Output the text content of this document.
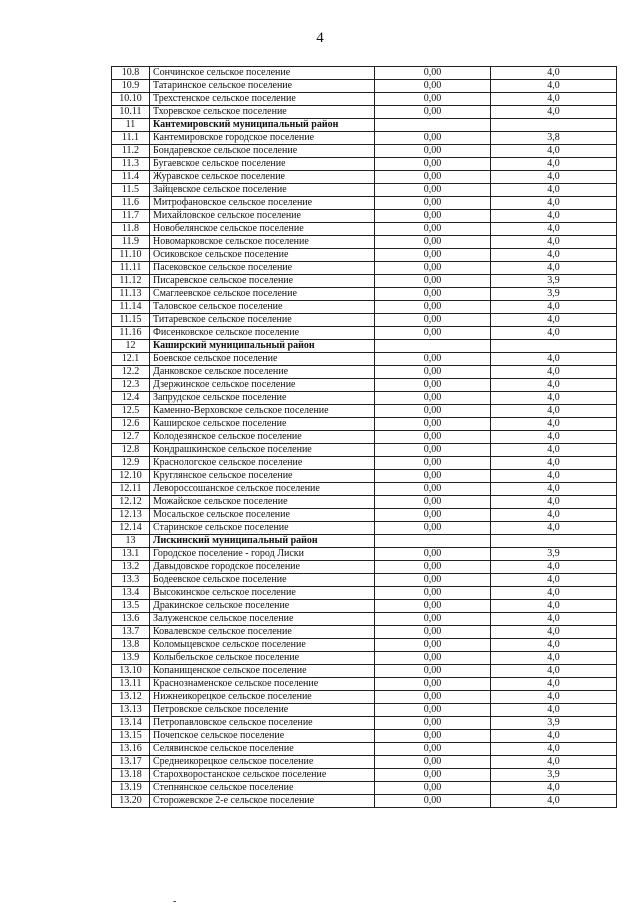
4
10.8	Сончинское сельское поселение	0,00	4,0
10.9	Татаринское сельское поселение	0,00	4,0
10.10	Трехстенское сельское поселение	0,00	4,0
10.11	Тхоревское сельское поселение	0,00	4,0
11	Кантемировский муниципальный район		
11.1	Кантемировское городское поселение	0,00	3,8
11.2	Бондаревское сельское поселение	0,00	4,0
11.3	Бугаевское сельское поселение	0,00	4,0
11.4	Журавское сельское поселение	0,00	4,0
11.5	Зайцевское сельское поселение	0,00	4,0
11.6	Митрофановское сельское поселение	0,00	4,0
11.7	Михайловское сельское поселение	0,00	4,0
11.8	Новобелянское сельское поселение	0,00	4,0
11.9	Новомарковское сельское поселение	0,00	4,0
11.10	Осиковское сельское поселение	0,00	4,0
11.11	Пасековское сельское поселение	0,00	4,0
11.12	Писаревское сельское поселение	0,00	3,9
11.13	Смаглеевское сельское поселение	0,00	3,9
11.14	Таловское сельское поселение	0,00	4,0
11.15	Титаревское сельское поселение	0,00	4,0
11.16	Фисенковское сельское поселение	0,00	4,0
12	Каширский муниципальный район		
12.1	Боевское сельское поселение	0,00	4,0
12.2	Данковское сельское поселение	0,00	4,0
12.3	Дзержинское сельское поселение	0,00	4,0
12.4	Запрудское сельское поселение	0,00	4,0
12.5	Каменно-Верховское сельское поселение	0,00	4,0
12.6	Каширское сельское поселение	0,00	4,0
12.7	Колодезянское сельское поселение	0,00	4,0
12.8	Кондрашкинское сельское поселение	0,00	4,0
12.9	Краснологское сельское поселение	0,00	4,0
12.10	Круглянское сельское поселение	0,00	4,0
12.11	Левороссошанское сельское поселение	0,00	4,0
12.12	Можайское сельское поселение	0,00	4,0
12.13	Мосальское сельское поселение	0,00	4,0
12.14	Старинское сельское поселение	0,00	4,0
13	Лискинский муниципальный район		
13.1	Городское поселение - город Лиски	0,00	3,9
13.2	Давыдовское городское поселение	0,00	4,0
13.3	Бодеевское сельское поселение	0,00	4,0
13.4	Высокинское сельское поселение	0,00	4,0
13.5	Дракинское сельское поселение	0,00	4,0
13.6	Залуженское сельское поселение	0,00	4,0
13.7	Ковалевское сельское поселение	0,00	4,0
13.8	Коломыцевское сельское поселение	0,00	4,0
13.9	Колыбельское сельское поселение	0,00	4,0
13.10	Копанищенское сельское поселение	0,00	4,0
13.11	Краснознаменское сельское поселение	0,00	4,0
13.12	Нижнеикорецкое сельское поселение	0,00	4,0
13.13	Петровское сельское поселение	0,00	4,0
13.14	Петропавловское сельское поселение	0,00	3,9
13.15	Почепское сельское поселение	0,00	4,0
13.16	Селявинское сельское поселение	0,00	4,0
13.17	Среднеикорецкое сельское поселение	0,00	4,0
13.18	Старохворостанское сельское поселение	0,00	3,9
13.19	Степнянское сельское поселение	0,00	4,0
13.20	Сторожевское 2-е сельское поселение	0,00	4,0
-
